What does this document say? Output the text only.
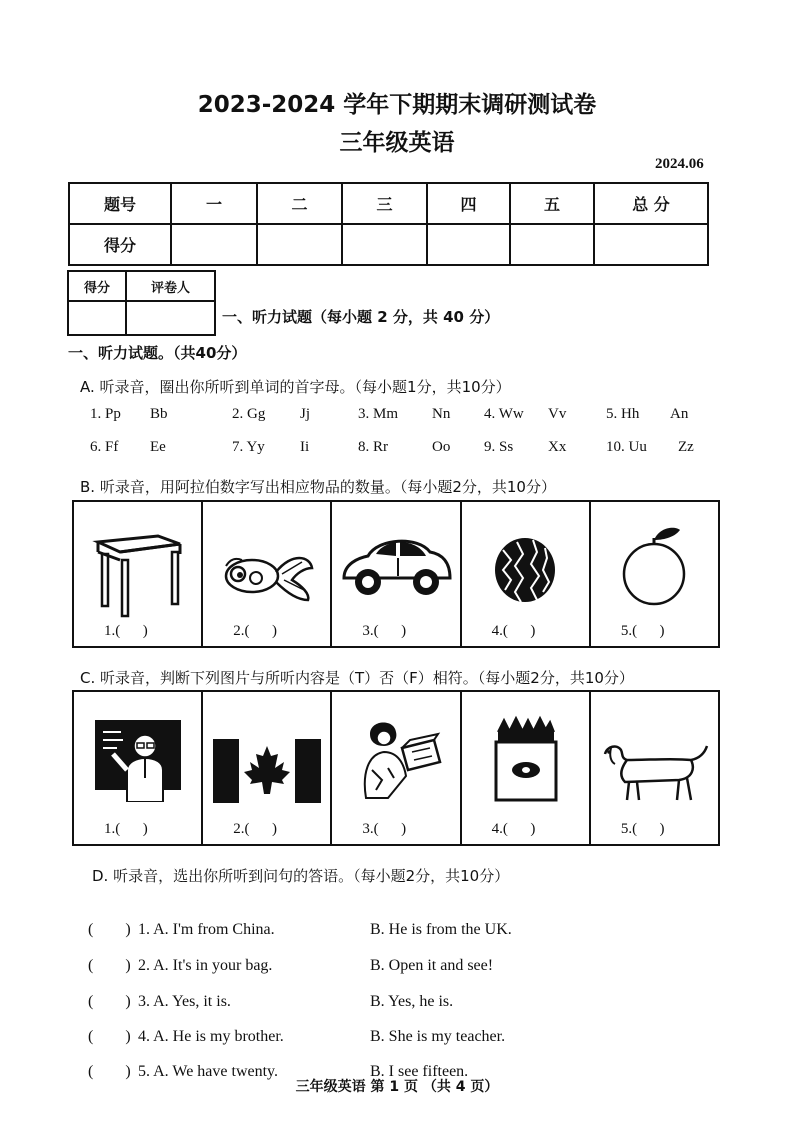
2023-2024 学年下期期末调研测试卷
三年级英语
2024.06
题号	一	二	三	四	五	总 分
得分						
得分	评卷人

一、听力试题（每小题 2 分，共 40 分）
一、听力试题。（共40分）
A. 听录音，圈出你所听到单词的首字母。（每小题1分，共10分）
1. Pp Bb	2. Gg Jj	3. Mm Nn 4. Ww Vv	5. Hh An
6. Ff Ee	7. Yy Ii	8. Rr	Oo 9. Ss Xx	10. Uu Zz
B. 听录音，用阿拉伯数字写出相应物品的数量。（每小题2分，共10分）
1.(      )	2.(      )	3.(      )	4.(      )	5.(      )
C. 听录音，判断下列图片与所听内容是（T）否（F）相符。（每小题2分，共10分）
1.(      )	2.(      )	3.(      )	4.(      )	5.(      )
D. 听录音，选出你所听到问句的答语。（每小题2分，共10分）

(        ) 1. A. I'm from China.	B. He is from the UK.

(        ) 2. A. It's in your bag.	B. Open it and see!

(        ) 3. A. Yes, it is.	B. Yes, he is.

(        ) 4. A. He is my brother.	B. She is my teacher.

(        ) 5. A. We have twenty.	B. I see fifteen.

三年级英语 第 1 页 （共 4 页）
